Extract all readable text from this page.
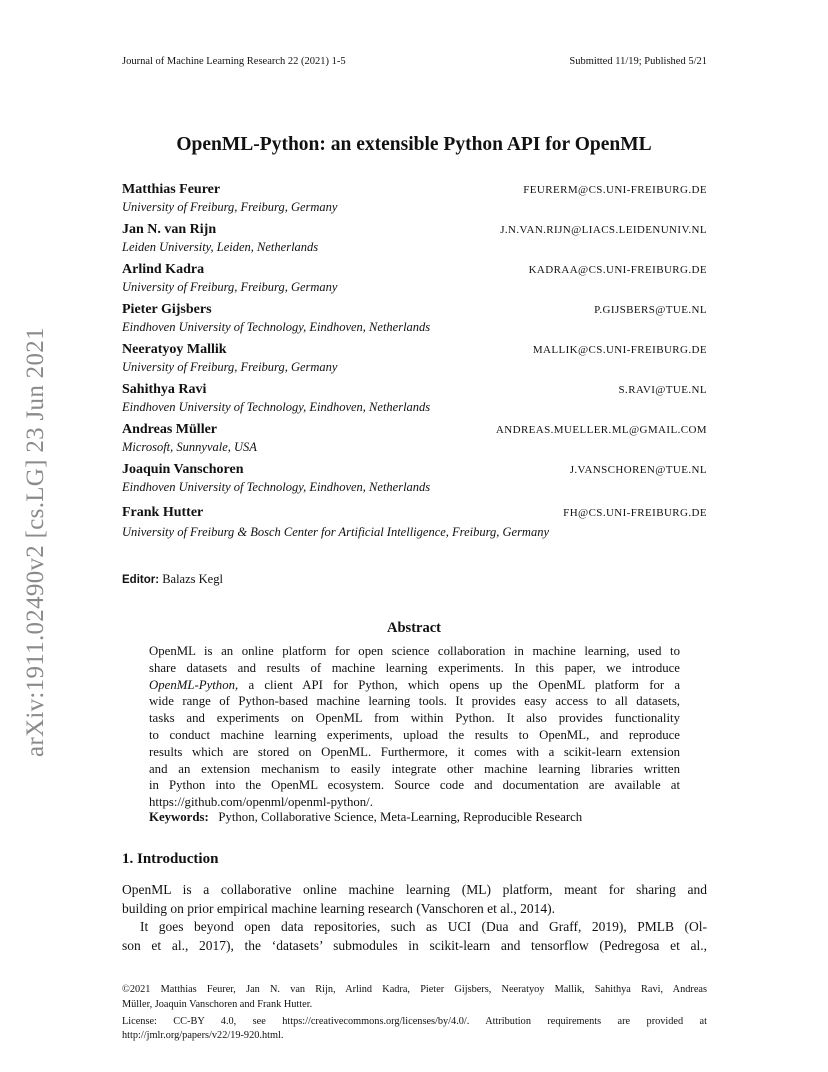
Journal of Machine Learning Research 22 (2021) 1-5	Submitted 11/19; Published 5/21
arXiv:1911.02490v2 [cs.LG] 23 Jun 2021
OpenML-Python: an extensible Python API for OpenML
Matthias Feurer	FEURERM@CS.UNI-FREIBURG.DE
University of Freiburg, Freiburg, Germany
Jan N. van Rijn	J.N.VAN.RIJN@LIACS.LEIDENUNIV.NL
Leiden University, Leiden, Netherlands
Arlind Kadra	KADRAA@CS.UNI-FREIBURG.DE
University of Freiburg, Freiburg, Germany
Pieter Gijsbers	P.GIJSBERS@TUE.NL
Eindhoven University of Technology, Eindhoven, Netherlands
Neeratyoy Mallik	MALLIK@CS.UNI-FREIBURG.DE
University of Freiburg, Freiburg, Germany
Sahithya Ravi	S.RAVI@TUE.NL
Eindhoven University of Technology, Eindhoven, Netherlands
Andreas Müller	ANDREAS.MUELLER.ML@GMAIL.COM
Microsoft, Sunnyvale, USA
Joaquin Vanschoren	J.VANSCHOREN@TUE.NL
Eindhoven University of Technology, Eindhoven, Netherlands
Frank Hutter	FH@CS.UNI-FREIBURG.DE
University of Freiburg & Bosch Center for Artificial Intelligence, Freiburg, Germany
Editor: Balazs Kegl
Abstract
OpenML is an online platform for open science collaboration in machine learning, used to
share datasets and results of machine learning experiments. In this paper, we introduce
OpenML-Python, a client API for Python, which opens up the OpenML platform for a
wide range of Python-based machine learning tools. It provides easy access to all datasets,
tasks and experiments on OpenML from within Python. It also provides functionality
to conduct machine learning experiments, upload the results to OpenML, and reproduce
results which are stored on OpenML. Furthermore, it comes with a scikit-learn extension
and an extension mechanism to easily integrate other machine learning libraries written
in Python into the OpenML ecosystem. Source code and documentation are available at
https://github.com/openml/openml-python/.
Keywords: Python, Collaborative Science, Meta-Learning, Reproducible Research
1. Introduction
OpenML is a collaborative online machine learning (ML) platform, meant for sharing and
building on prior empirical machine learning research (Vanschoren et al., 2014).
It goes beyond open data repositories, such as UCI (Dua and Graff, 2019), PMLB (Ol-
son et al., 2017), the ‘datasets’ submodules in scikit-learn and tensorflow (Pedregosa et al.,
©2021 Matthias Feurer, Jan N. van Rijn, Arlind Kadra, Pieter Gijsbers, Neeratyoy Mallik, Sahithya Ravi, Andreas
Müller, Joaquin Vanschoren and Frank Hutter.
License: CC-BY 4.0, see https://creativecommons.org/licenses/by/4.0/. Attribution requirements are provided at
http://jmlr.org/papers/v22/19-920.html.
